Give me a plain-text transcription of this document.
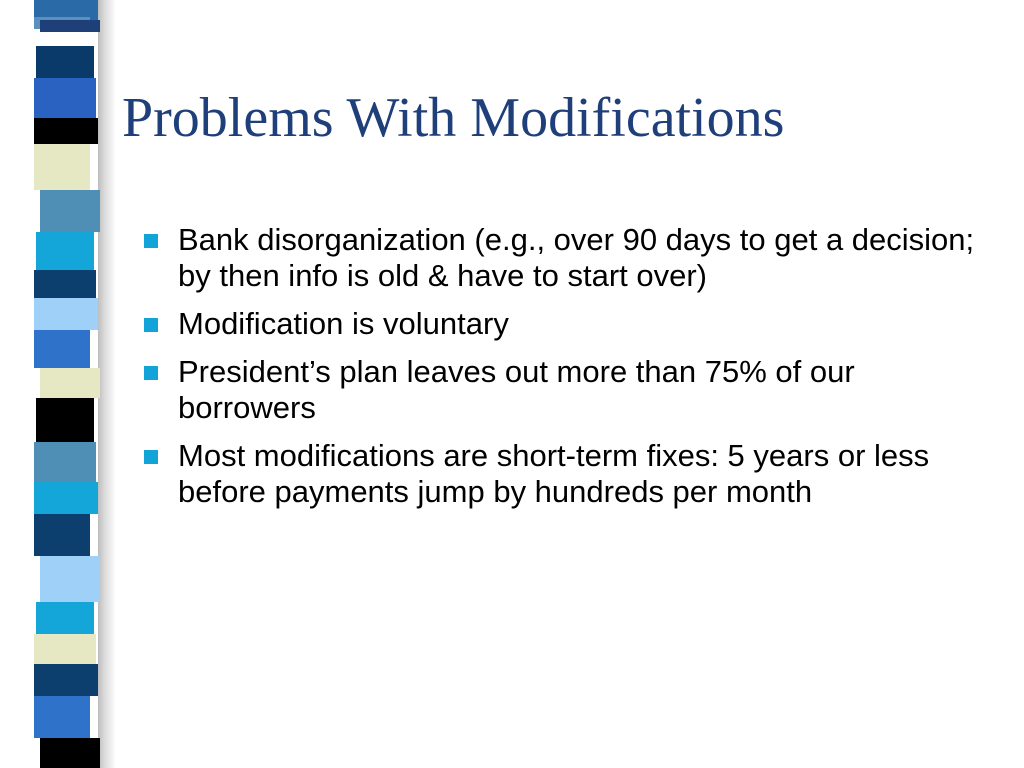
Problems With Modifications
Bank disorganization (e.g., over 90 days to get a decision; by then info is old & have to start over)
Modification is voluntary
President’s plan leaves out more than 75% of our borrowers
Most modifications are short-term fixes: 5 years or less before payments jump by hundreds per month
